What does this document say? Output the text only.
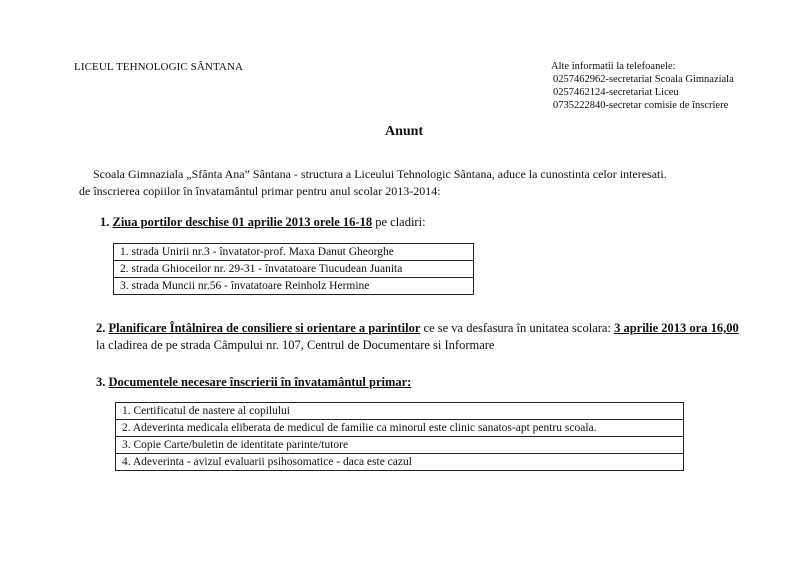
LICEUL TEHNOLOGIC SÂNTANA	Alte informatii la telefoanele:
0257462962-secretariat Scoala Gimnaziala
0257462124-secretariat Liceu
0735222840-secretar comisie de înscriere
Anunt
Scoala Gimnaziala „Sfânta Ana” Sântana - structura a Liceului Tehnologic Sântana, aduce la cunostinta celor interesati.
de înscrierea copiilor în învatamântul primar pentru anul scolar 2013-2014:
1. Ziua portilor deschise 01 aprilie 2013 orele 16-18 pe cladiri:
1. strada Unirii nr.3 - învatator-prof. Maxa Danut Gheorghe
2. strada Ghioceilor nr. 29-31 - învatatoare Tiucudean Juanita
3. strada Muncii nr.56 - învatatoare Reinholz Hermine
2. Planificare Întâlnirea de consiliere si orientare a parintilor ce se va desfasura în unitatea scolara: 3 aprilie 2013 ora 16,00 la cladirea de pe strada Câmpului nr. 107, Centrul de Documentare si Informare
3. Documentele necesare înscrierii în învatamântul primar:
1. Certificatul de nastere al copilului
2. Adeverinta medicala eliberata de medicul de familie ca minorul este clinic sanatos-apt pentru scoala.
3. Copie Carte/buletin de identitate parinte/tutore
4. Adeverinta - avizul evaluarii psihosomatice - daca este cazul
